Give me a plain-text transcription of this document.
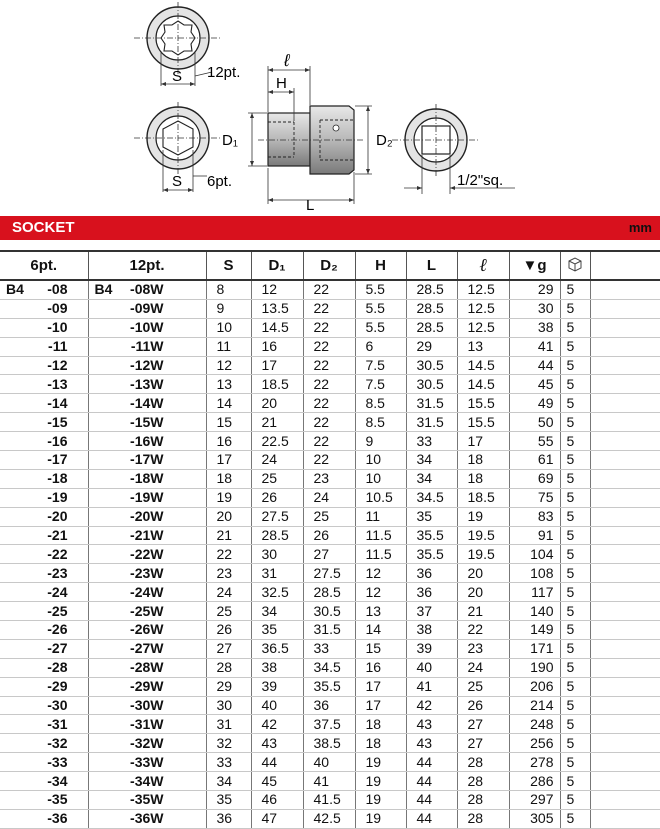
S 12pt.
S 6pt.
ℓ
H
D₁	D₂
L
1/2"sq.
SOCKET	mm
6pt.	12pt.	S	D₁	D₂	H	L	ℓ	▼g		

B4 -08	B4 -08W	8	12	22	5.5	28.5	12.5	29	5	
-09	-09W	9	13.5	22	5.5	28.5	12.5	30	5	
-10	-10W	10	14.5	22	5.5	28.5	12.5	38	5	
-11	-11W	11	16	22	6	29	13	41	5	
-12	-12W	12	17	22	7.5	30.5	14.5	44	5	
-13	-13W	13	18.5	22	7.5	30.5	14.5	45	5	
-14	-14W	14	20	22	8.5	31.5	15.5	49	5	
-15	-15W	15	21	22	8.5	31.5	15.5	50	5	
-16	-16W	16	22.5	22	9	33	17	55	5	
-17	-17W	17	24	22	10	34	18	61	5	
-18	-18W	18	25	23	10	34	18	69	5	
-19	-19W	19	26	24	10.5	34.5	18.5	75	5	
-20	-20W	20	27.5	25	11	35	19	83	5	
-21	-21W	21	28.5	26	11.5	35.5	19.5	91	5	
-22	-22W	22	30	27	11.5	35.5	19.5	104	5	
-23	-23W	23	31	27.5	12	36	20	108	5	
-24	-24W	24	32.5	28.5	12	36	20	117	5	
-25	-25W	25	34	30.5	13	37	21	140	5	
-26	-26W	26	35	31.5	14	38	22	149	5	
-27	-27W	27	36.5	33	15	39	23	171	5	
-28	-28W	28	38	34.5	16	40	24	190	5	
-29	-29W	29	39	35.5	17	41	25	206	5	
-30	-30W	30	40	36	17	42	26	214	5	
-31	-31W	31	42	37.5	18	43	27	248	5	
-32	-32W	32	43	38.5	18	43	27	256	5	
-33	-33W	33	44	40	19	44	28	278	5	
-34	-34W	34	45	41	19	44	28	286	5	
-35	-35W	35	46	41.5	19	44	28	297	5	
-36	-36W	36	47	42.5	19	44	28	305	5	
